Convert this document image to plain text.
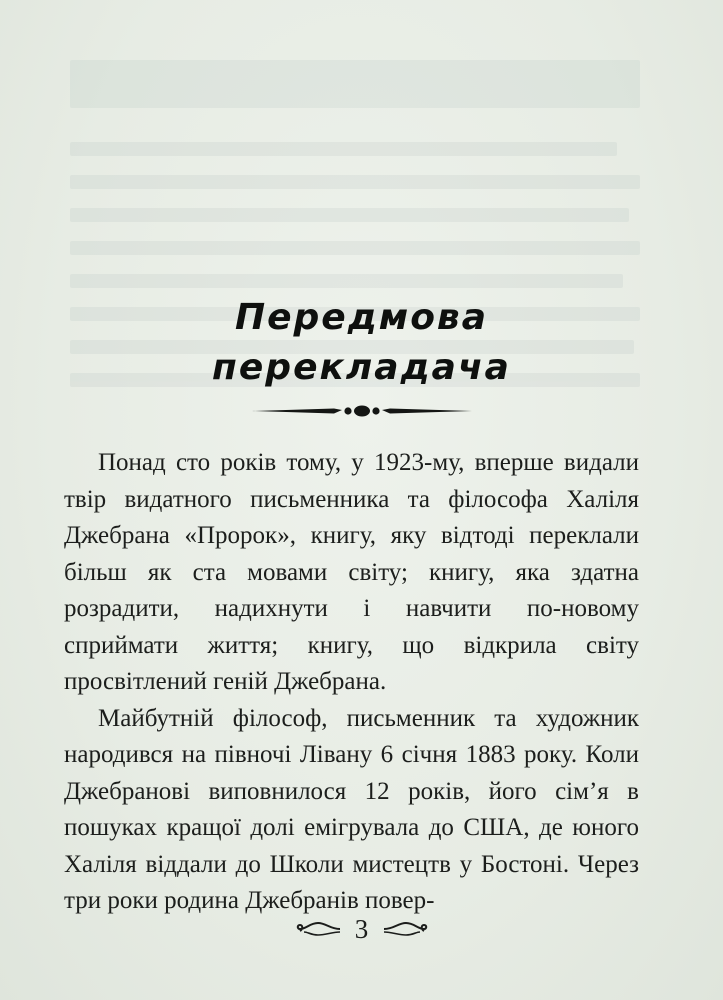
Передмова
перекладача

Понад сто років тому, у 1923-му, вперше видали твір видатного письменника та філософа Халіля Джебрана «Пророк», книгу, яку відтоді переклали більш як ста мовами світу; книгу, яка здатна розрадити, надихнути і навчити по-новому сприймати життя; книгу, що відкрила світу просвітлений геній Джебрана.

Майбутній філософ, письменник та художник народився на півночі Лівану 6 січня 1883 року. Коли Джебранові виповнилося 12 років, його сім’я в пошуках кращої долі емігрувала до США, де юного Халіля віддали до Школи мистецтв у Бостоні. Через три роки родина Джебранів повер-

3
